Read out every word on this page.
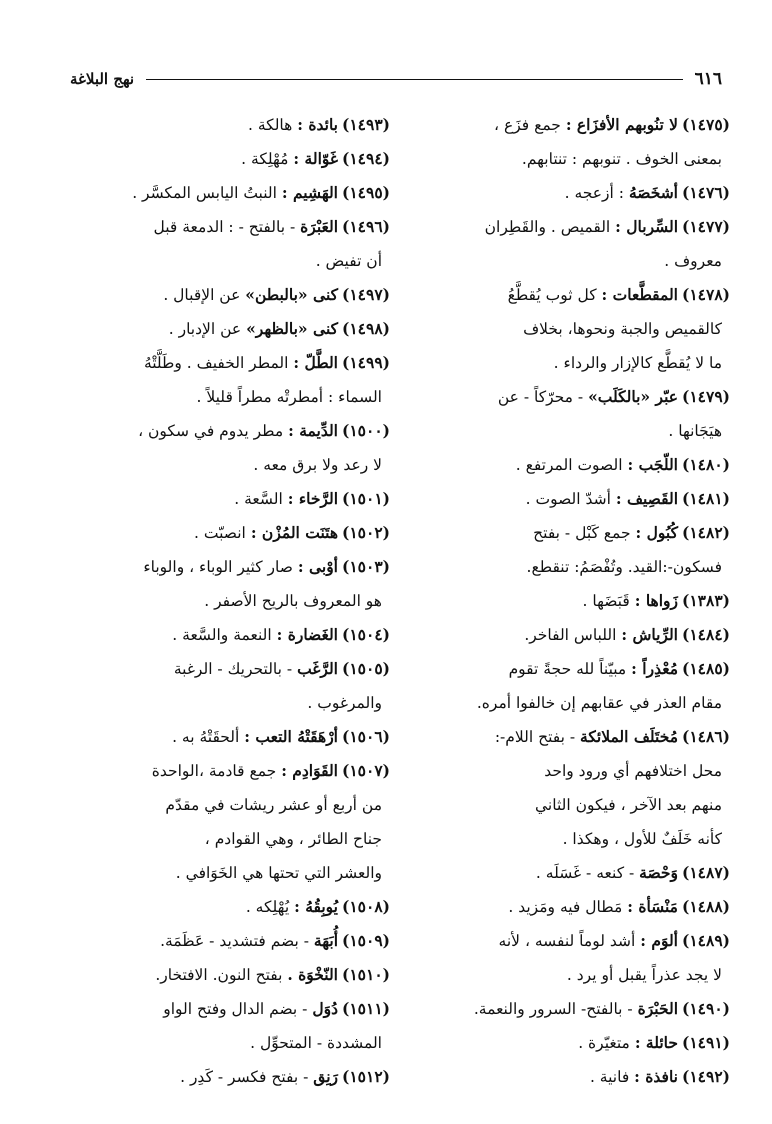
٦١٦
نهج البلاغة
(١٤٧٥)لا تنُوبهم الأفزَاع : جمع فزَع ،
بمعنى الخوف . تنوبهم : تنتابهم.
(١٤٧٦)أشخَصَهُ : أزعجه .
(١٤٧٧)السِّربال : القميص . والقَطِران
معروف .
(١٤٧٨)المقطَّعات : كل ثوب يُقطَّعُ
كالقميص والجبة ونحوها، بخلاف
ما لا يُقطَّع كالإزار والرداء .
(١٤٧٩)عبّر «بالكَلَب» - محرّكاً - عن
هيَجَانها .
(١٤٨٠)اللّجَب : الصوت المرتفع .
(١٤٨١)القَصِيف : أشدّ الصوت .
(١٤٨٢)كُبُول : جمع كَبْل - بفتح
فسكون-:القيد. وتُفْصَمُ: تنقطع.
(١٣٨٣)زَواها : قَبَضَها .
(١٤٨٤)الرِّياش : اللباس الفاخر.
(١٤٨٥)مُعْذِراً : مبيّناً لله حجةً تقوم
مقام العذر في عقابهم إن خالفوا أمره.
(١٤٨٦)مُختَلَف الملائكة - بفتح اللام-:
محل اختلافهم أي ورود واحد
منهم بعد الآخر ، فيكون الثاني
كأنه خَلَفٌ للأول ، وهكذا .
(١٤٨٧)وَحْصَة - كنعه - غَسَلَه .
(١٤٨٨)مَنْسَأة : مَطال فيه ومَزيد .
(١٤٨٩)ألوَم : أشد لوماً لنفسه ، لأنه
لا يجد عذراً يقبل أو يرد .
(١٤٩٠)الحَبْرَة - بالفتح- السرور والنعمة.
(١٤٩١)حائلة : متغيّرة .
(١٤٩٢)نافذة : فانية .
(١٤٩٣)بائدة : هالكة .
(١٤٩٤)غَوّالة : مُهْلِكة .
(١٤٩٥)الهَشِيم : النبتُ اليابس المكسَّر .
(١٤٩٦)العَبْرَة - بالفتح - : الدمعة قبل
أن تفيض .
(١٤٩٧)كنى «بالبطن» عن الإقبال .
(١٤٩٨)كنى «بالظهر» عن الإدبار .
(١٤٩٩)الطَّلّ : المطر الخفيف . وطَلَّتْهُ
السماء : أمطرتْه مطراً قليلاً .
(١٥٠٠)الدِّيمة : مطر يدوم في سكون ،
لا رعد ولا برق معه .
(١٥٠١)الرَّخاء : السَّعة .
(١٥٠٢)هتَنَت المُزْن : انصبّت .
(١٥٠٣)أوْبى : صار كثير الوباء ، والوباء
هو المعروف بالريح الأصفر .
(١٥٠٤)الغَضارة : النعمة والسَّعة .
(١٥٠٥)الرَّغَب - بالتحريك - الرغبة
والمرغوب .
(١٥٠٦)أرْهَقَتْهُ التعب : ألحقَتْهُ به .
(١٥٠٧)القَوَادِم : جمع قادمة ،الواحدة
من أربع أو عشر ريشات في مقدّم
جناح الطائر ، وهي القوادم ،
والعشر التي تحتها هي الخَوَافي .
(١٥٠٨)يُوبِقُهُ : يُهْلِكه .
(١٥٠٩)أُبَهَة - بضم فتشديد - عَظَمَة.
(١٥١٠)النّخْوَة . بفتح النون. الافتخار.
(١٥١١)دُوَل - بضم الدال وفتح الواو
المشددة - المتحوِّل .
(١٥١٢)رَنِق - بفتح فكسر - كَدِر .
